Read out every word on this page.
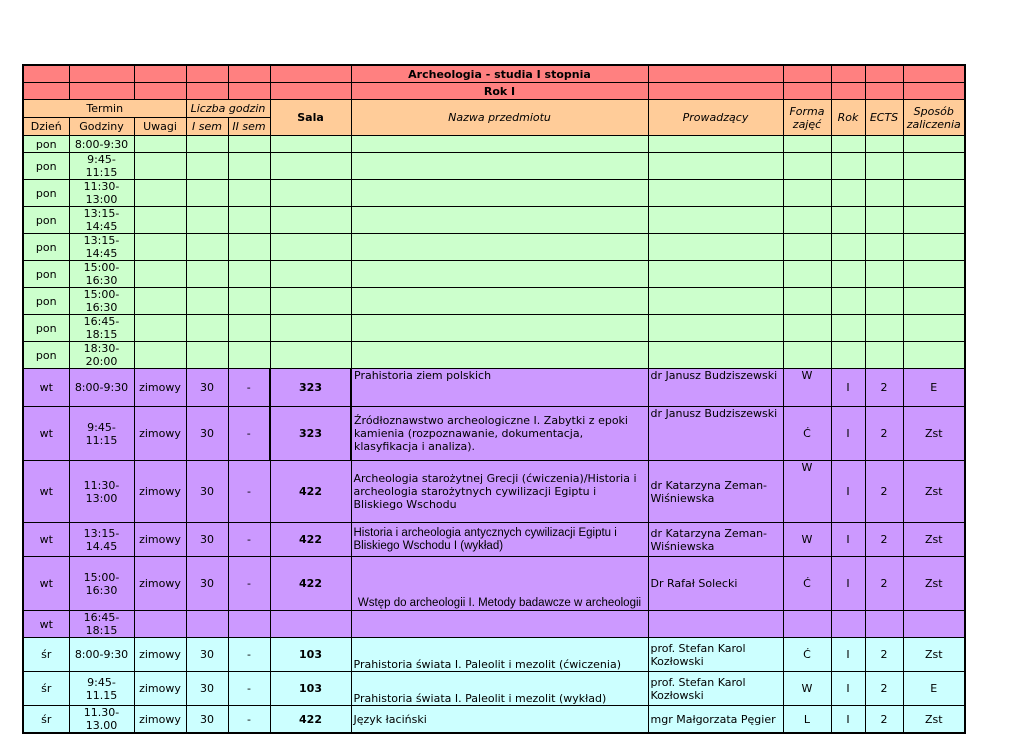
						Archeologia - studia I stopnia					
						Rok I					
Termin			Liczba godzin		Sala	Nazwa przedmiotu	Prowadzący	Forma zajęć	Rok	ECTS	Sposób zaliczenia
Dzień	Godziny	Uwagi	I sem	II sem							
pon	8:00-9:30										
pon	9:45-11:15										
pon	11:30-13:00										
pon	13:15-14:45										
pon	13:15-14:45										
pon	15:00-16:30										
pon	15:00-16:30										
pon	16:45-18:15										
pon	18:30-20:00										
wt	8:00-9:30	zimowy	30	-	323	Prahistoria ziem polskich	dr Janusz Budziszewski	W	I	2	E
wt	9:45-11:15	zimowy	30	-	323	Źródłoznawstwo archeologiczne I. Zabytki z epoki kamienia (rozpoznawanie, dokumentacja, klasyfikacja i analiza).	dr Janusz Budziszewski	Ć	I	2	Zst
wt	11:30-13:00	zimowy	30	-	422	Archeologia starożytnej Grecji (ćwiczenia)/Historia i archeologia starożytnych cywilizacji Egiptu i Bliskiego Wschodu	dr Katarzyna Zeman-Wiśniewska	W	I	2	Zst
wt	13:15-14.45	zimowy	30	-	422	Historia i archeologia antycznych cywilizacji Egiptu i Bliskiego Wschodu I (wykład)	dr Katarzyna Zeman-Wiśniewska	W	I	2	Zst
wt	15:00-16:30	zimowy	30	-	422	Wstęp do archeologii I. Metody badawcze w archeologii	Dr Rafał Solecki	Ć	I	2	Zst
wt	16:45-18:15										
śr	8:00-9:30	zimowy	30	-	103	Prahistoria świata I. Paleolit i mezolit (ćwiczenia)	prof. Stefan Karol Kozłowski	Ć	I	2	Zst
śr	9:45-11.15	zimowy	30	-	103	Prahistoria świata I. Paleolit i mezolit (wykład)	prof. Stefan Karol Kozłowski	W	I	2	E
śr	11.30-13.00	zimowy	30	-	422	Język łaciński	mgr Małgorzata Pęgier	L	I	2	Zst
